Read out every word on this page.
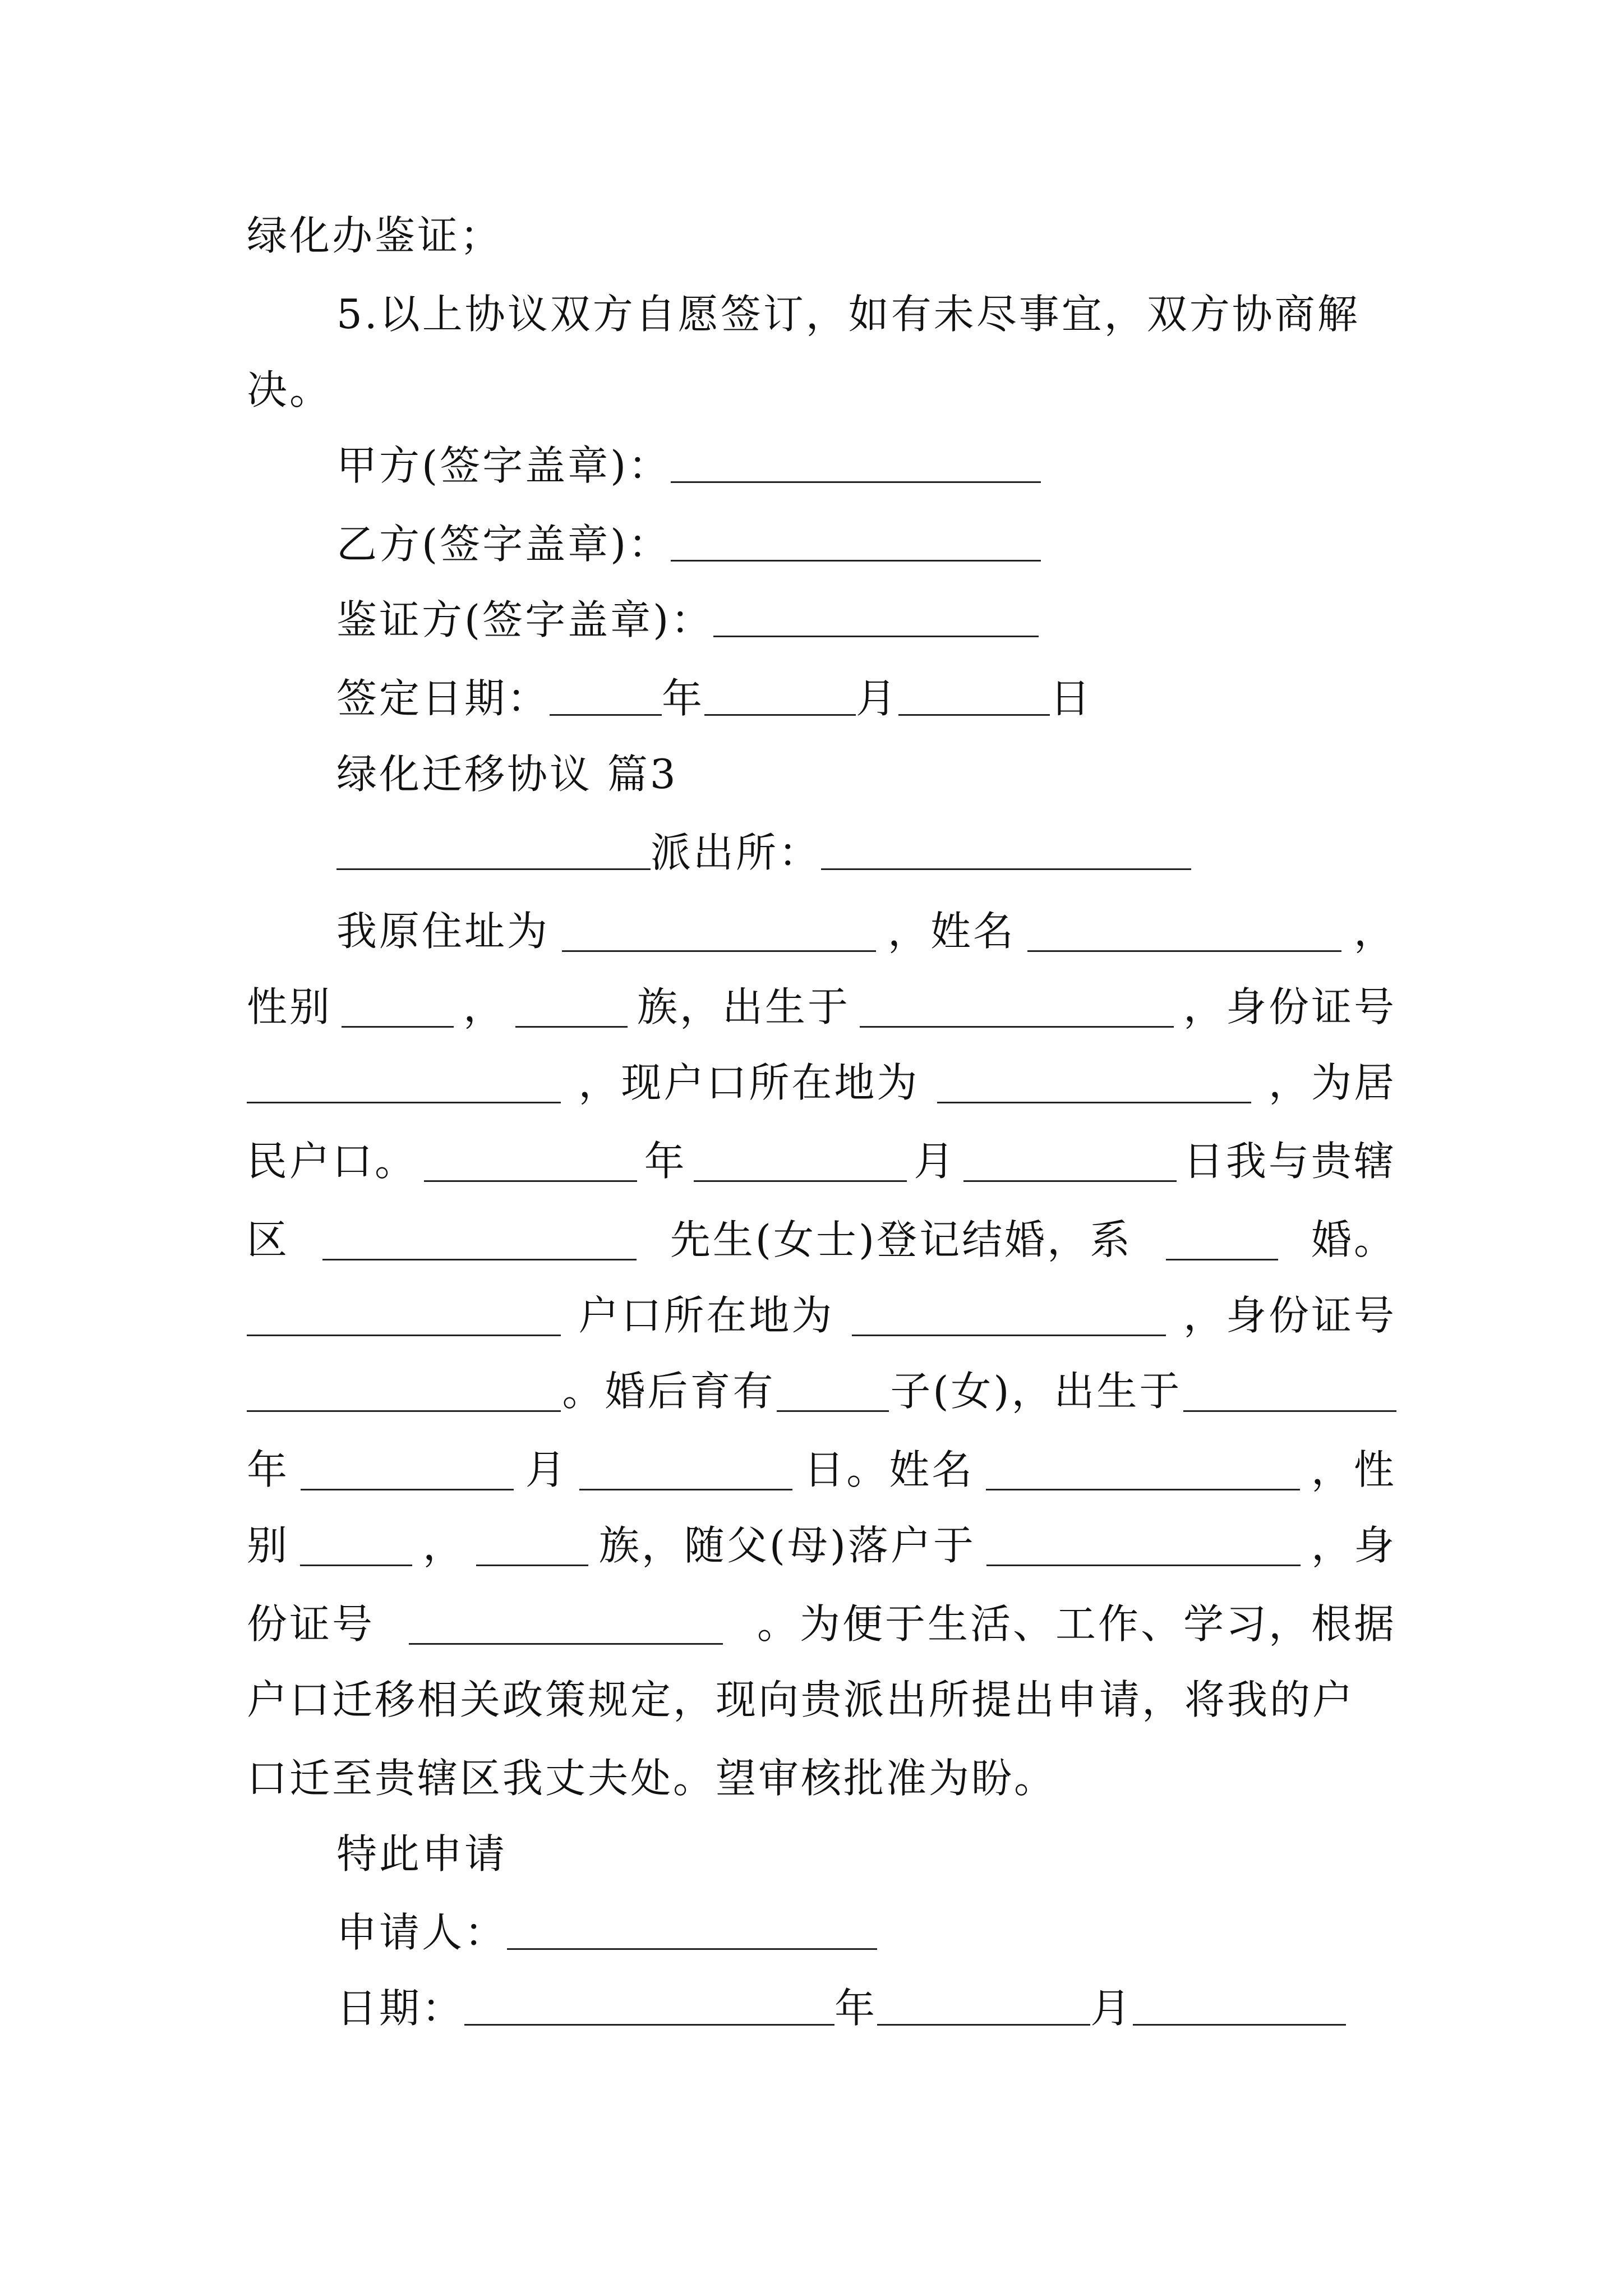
绿化办鉴证；
5.以上协议双方自愿签订，如有未尽事宜，双方协商解
决。
甲方(签字盖章)：
乙方(签字盖章)：
鉴证方(签字盖章)：
签定日期：	年	月	日
绿化迁移协议 篇3
派出所：
我原住址为	，姓名	，
性别	，	族，出生于	，身份证号
，现户口所在地为	，为居
民户口。	年	月	日我与贵辖
区	先生(女士)登记结婚，系	婚。
户口所在地为	，身份证号
。婚后育有	子(女)，出生于
年	月	日。姓名	，性
别	，	族，随父(母)落户于	，身
份证号	。为便于生活、工作、学习，根据
户口迁移相关政策规定，现向贵派出所提出申请，将我的户
口迁至贵辖区我丈夫处。望审核批准为盼。
特此申请
申请人：
日期：	年	月
